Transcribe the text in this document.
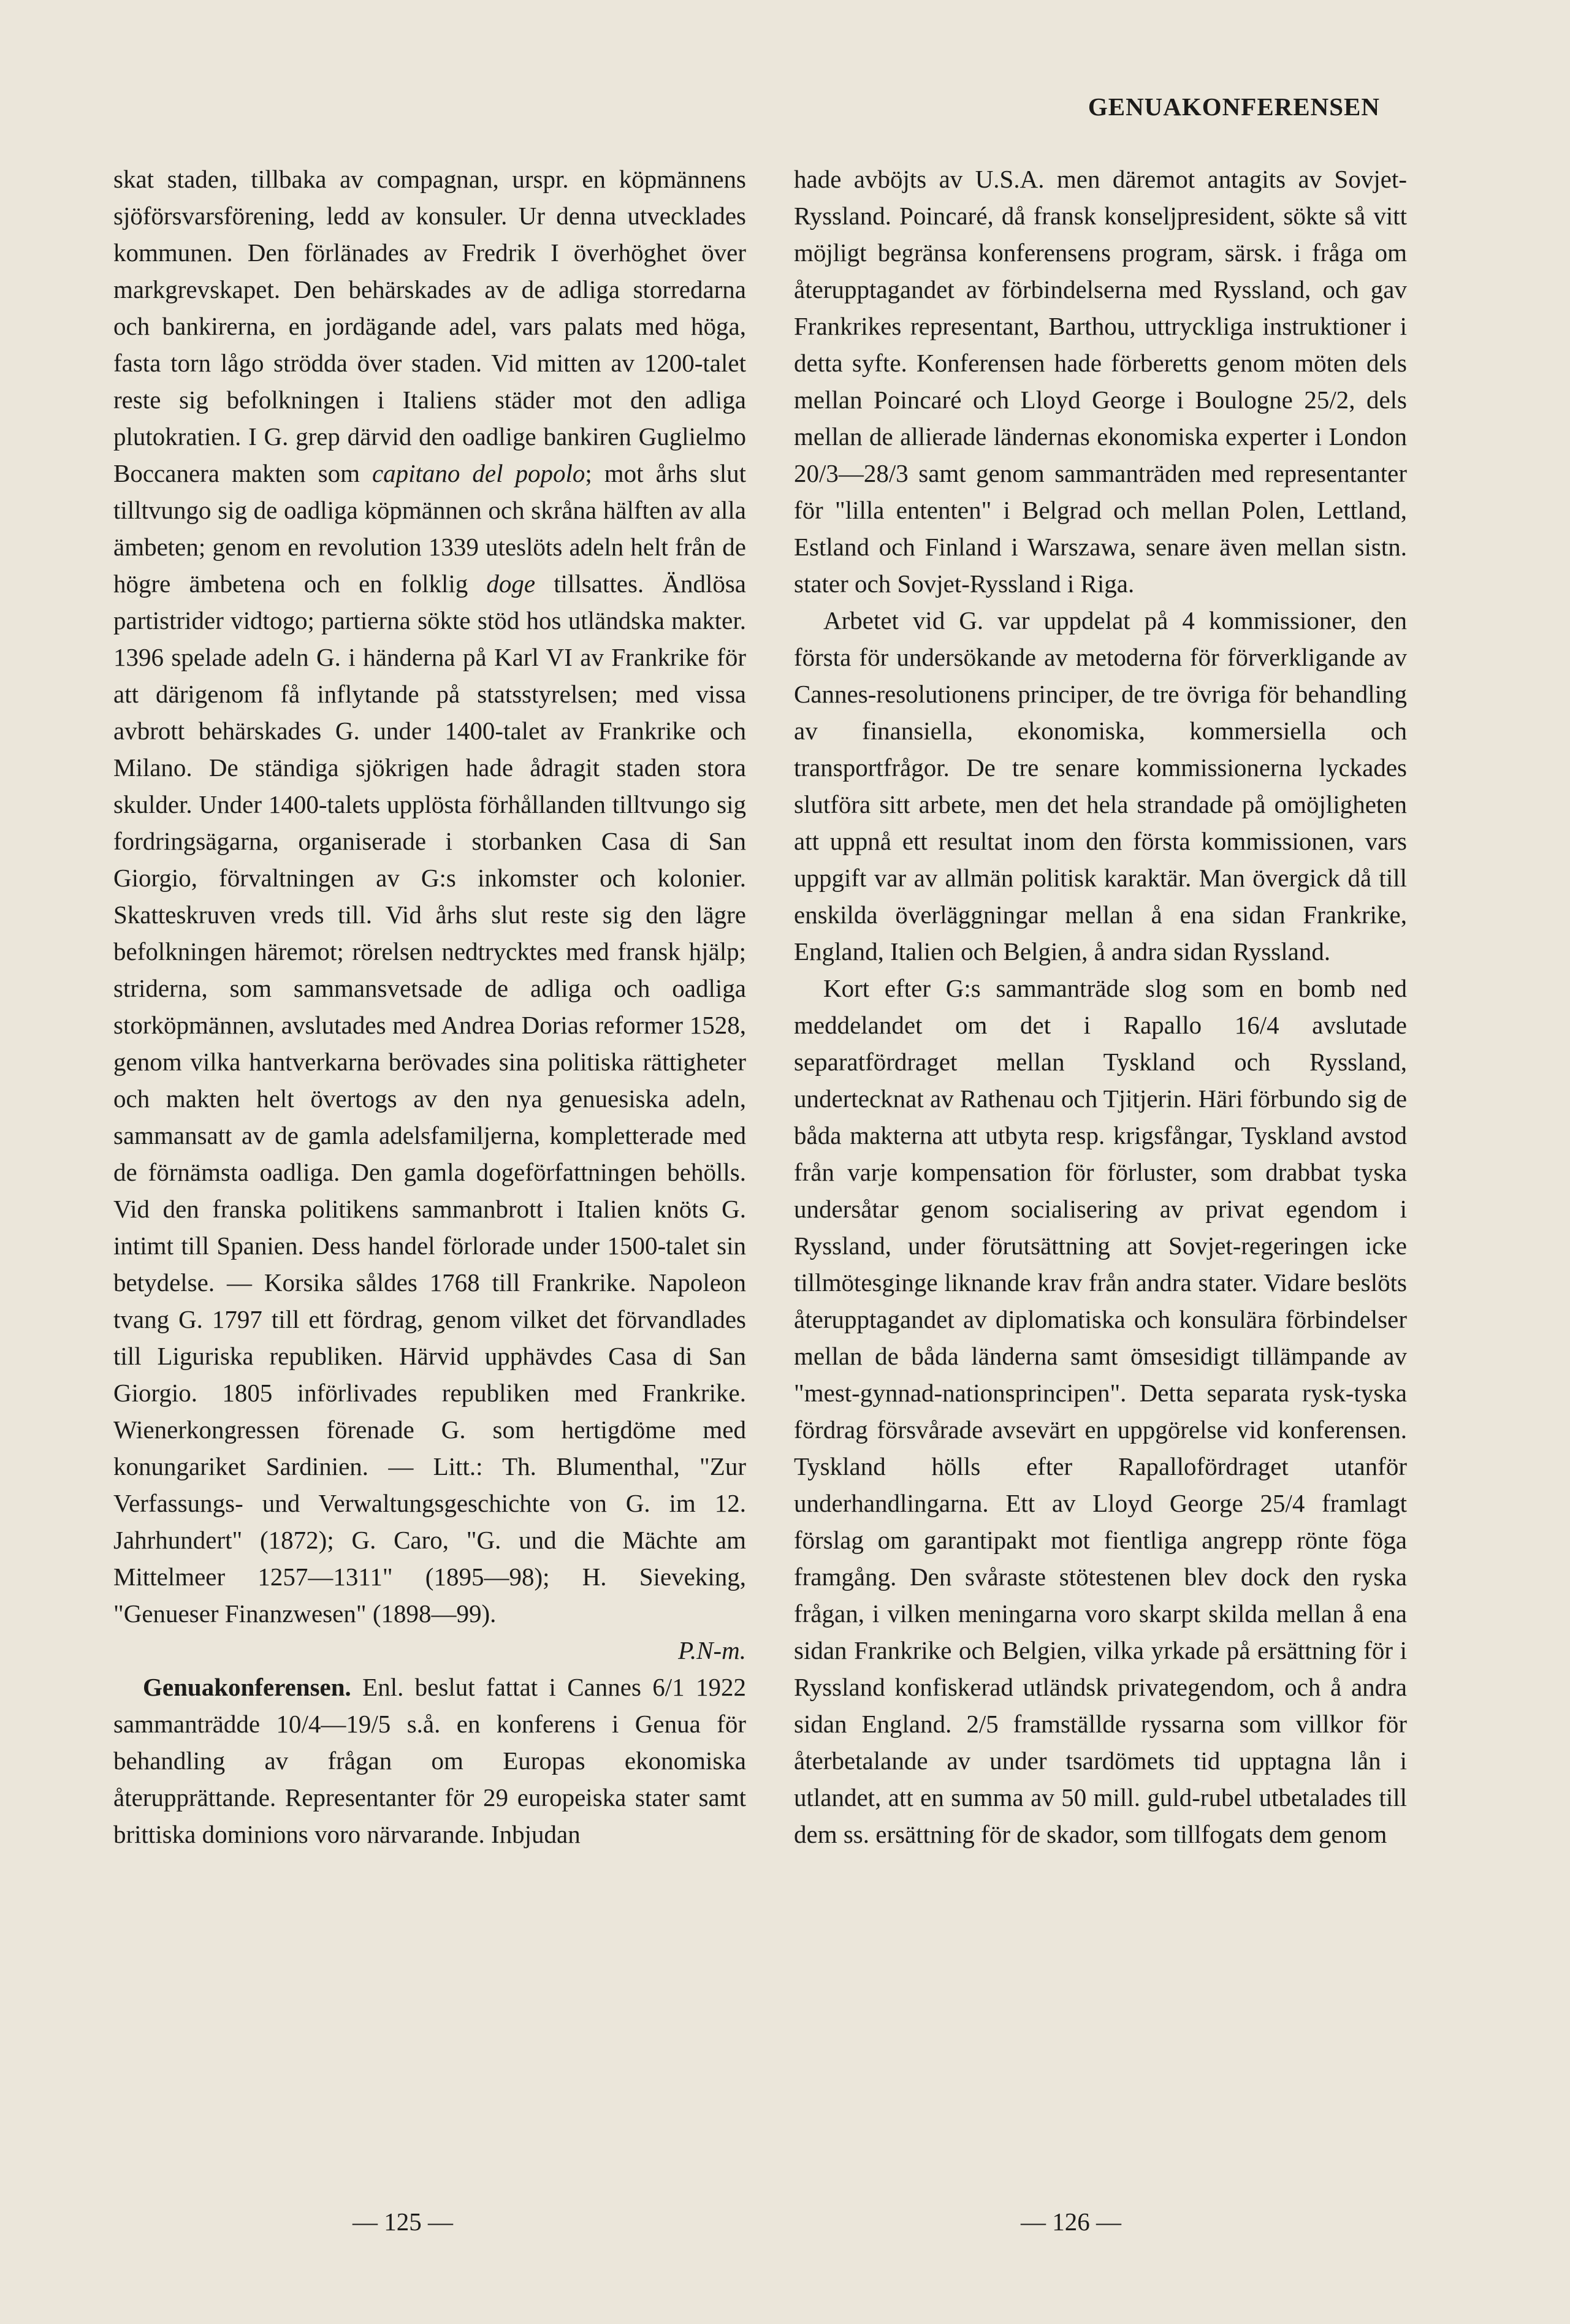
GENUAKONFERENSEN

skat staden, tillbaka av compagnan, urspr. en köpmännens sjöförsvarsförening, ledd av konsuler. Ur denna utvecklades kommunen. Den förlänades av Fredrik I överhöghet över markgrevskapet. Den behärskades av de adliga storredarna och bankirerna, en jordägande adel, vars palats med höga, fasta torn lågo strödda över staden. Vid mitten av 1200-talet reste sig befolkningen i Italiens städer mot den adliga plutokratien. I G. grep därvid den oadlige bankiren Guglielmo Boccanera makten som capitano del popolo; mot århs slut tilltvungo sig de oadliga köpmännen och skråna hälften av alla ämbeten; genom en revolution 1339 uteslöts adeln helt från de högre ämbetena och en folklig doge tillsattes. Ändlösa partistrider vidtogo; partierna sökte stöd hos utländska makter. 1396 spelade adeln G. i händerna på Karl VI av Frankrike för att därigenom få inflytande på statsstyrelsen; med vissa avbrott behärskades G. under 1400-talet av Frankrike och Milano. De ständiga sjökrigen hade ådragit staden stora skulder. Under 1400-talets upplösta förhållanden tilltvungo sig fordringsägarna, organiserade i storbanken Casa di San Giorgio, förvaltningen av G:s inkomster och kolonier. Skatteskruven vreds till. Vid århs slut reste sig den lägre befolkningen häremot; rörelsen nedtrycktes med fransk hjälp; striderna, som sammansvetsade de adliga och oadliga storköpmännen, avslutades med Andrea Dorias reformer 1528, genom vilka hantverkarna berövades sina politiska rättigheter och makten helt övertogs av den nya genuesiska adeln, sammansatt av de gamla adelsfamiljerna, kompletterade med de förnämsta oadliga. Den gamla dogeförfattningen behölls. Vid den franska politikens sammanbrott i Italien knöts G. intimt till Spanien. Dess handel förlorade under 1500-talet sin betydelse. — Korsika såldes 1768 till Frankrike. Napoleon tvang G. 1797 till ett fördrag, genom vilket det förvandlades till Liguriska republiken. Härvid upphävdes Casa di San Giorgio. 1805 införlivades republiken med Frankrike. Wienerkongressen förenade G. som hertigdöme med konungariket Sardinien. — Litt.: Th. Blumenthal, "Zur Verfassungs- und Verwaltungsgeschichte von G. im 12. Jahrhundert" (1872); G. Caro, "G. und die Mächte am Mittelmeer 1257—1311" (1895—98); H. Sieveking, "Genueser Finanzwesen" (1898—99).

P.N-m.

Genuakonferensen. Enl. beslut fattat i Cannes 6/1 1922 sammanträdde 10/4—19/5 s.å. en konferens i Genua för behandling av frågan om Europas ekonomiska återupprättande. Representanter för 29 europeiska stater samt brittiska dominions voro närvarande. Inbjudan

hade avböjts av U.S.A. men däremot antagits av Sovjet-Ryssland. Poincaré, då fransk konseljpresident, sökte så vitt möjligt begränsa konferensens program, särsk. i fråga om återupptagandet av förbindelserna med Ryssland, och gav Frankrikes representant, Barthou, uttryckliga instruktioner i detta syfte. Konferensen hade förberetts genom möten dels mellan Poincaré och Lloyd George i Boulogne 25/2, dels mellan de allierade ländernas ekonomiska experter i London 20/3—28/3 samt genom sammanträden med representanter för "lilla ententen" i Belgrad och mellan Polen, Lettland, Estland och Finland i Warszawa, senare även mellan sistn. stater och Sovjet-Ryssland i Riga.

Arbetet vid G. var uppdelat på 4 kommissioner, den första för undersökande av metoderna för förverkligande av Cannes-resolutionens principer, de tre övriga för behandling av finansiella, ekonomiska, kommersiella och transportfrågor. De tre senare kommissionerna lyckades slutföra sitt arbete, men det hela strandade på omöjligheten att uppnå ett resultat inom den första kommissionen, vars uppgift var av allmän politisk karaktär. Man övergick då till enskilda överläggningar mellan å ena sidan Frankrike, England, Italien och Belgien, å andra sidan Ryssland.

Kort efter G:s sammanträde slog som en bomb ned meddelandet om det i Rapallo 16/4 avslutade separatfördraget mellan Tyskland och Ryssland, undertecknat av Rathenau och Tjitjerin. Häri förbundo sig de båda makterna att utbyta resp. krigsfångar, Tyskland avstod från varje kompensation för förluster, som drabbat tyska undersåtar genom socialisering av privat egendom i Ryssland, under förutsättning att Sovjet-regeringen icke tillmötesginge liknande krav från andra stater. Vidare beslöts återupptagandet av diplomatiska och konsulära förbindelser mellan de båda länderna samt ömsesidigt tillämpande av "mest-gynnad-nationsprincipen". Detta separata rysk-tyska fördrag försvårade avsevärt en uppgörelse vid konferensen. Tyskland hölls efter Rapallofördraget utanför underhandlingarna. Ett av Lloyd George 25/4 framlagt förslag om garantipakt mot fientliga angrepp rönte föga framgång. Den svåraste stötestenen blev dock den ryska frågan, i vilken meningarna voro skarpt skilda mellan å ena sidan Frankrike och Belgien, vilka yrkade på ersättning för i Ryssland konfiskerad utländsk privategendom, och å andra sidan England. 2/5 framställde ryssarna som villkor för återbetalande av under tsardömets tid upptagna lån i utlandet, att en summa av 50 mill. guld-rubel utbetalades till dem ss. ersättning för de skador, som tillfogats dem genom

— 125 —	— 126 —
